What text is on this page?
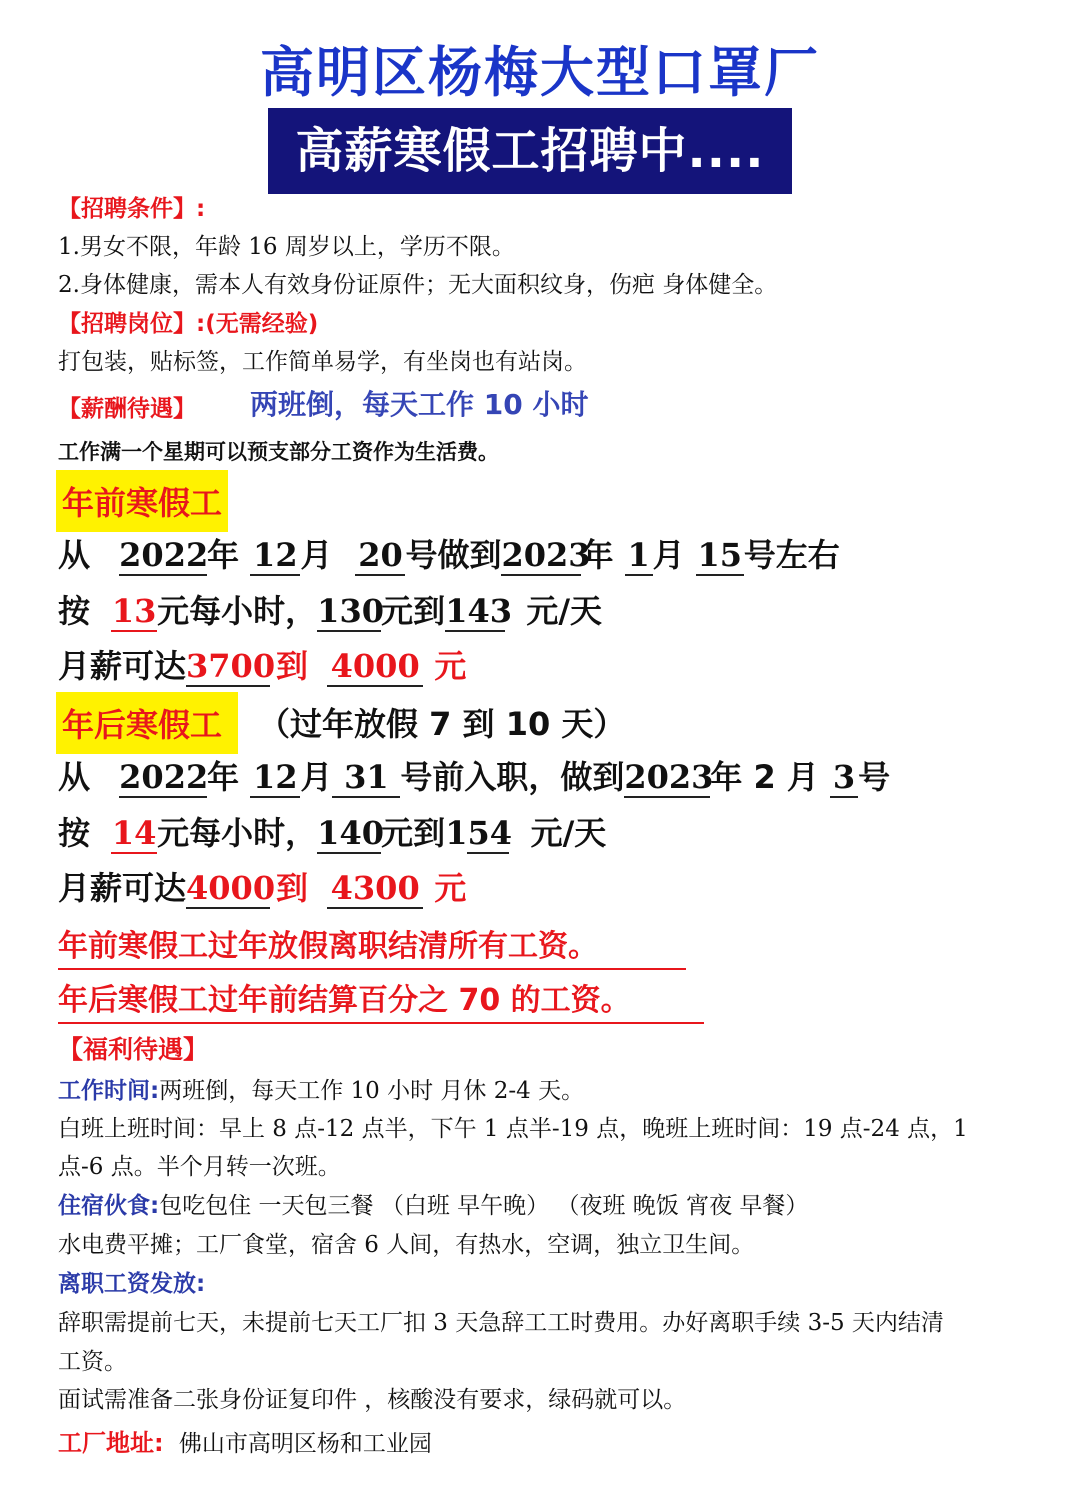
高明区杨梅大型口罩厂
高薪寒假工招聘中....
【招聘条件】:
1.男女不限，年龄 16 周岁以上，学历不限。
2.身体健康，需本人有效身份证原件；无大面积纹身，伤疤 身体健全。
【招聘岗位】:(无需经验)
打包装，贴标签，工作简单易学，有坐岗也有站岗。
【薪酬待遇】 两班倒，每天工作 10 小时
工作满一个星期可以预支部分工资作为生活费。
年前寒假工
从 2022年 12月 20号做到2023年 1月 15号左右
按 13元每小时，130元到143 元/天
月薪可达3700到 4000 元
年后寒假工	（过年放假 7 到 10 天）
从 2022年 12月 31 号前入职，做到2023年 2 月 3号
按 14元每小时，140元到154 元/天
月薪可达4000到 4300 元
年前寒假工过年放假离职结清所有工资。
年后寒假工过年前结算百分之 70 的工资。
【福利待遇】
工作时间:两班倒，每天工作 10 小时 月休 2-4 天。
白班上班时间：早上 8 点-12 点半，下午 1 点半-19 点，晚班上班时间：19 点-24 点，1
点-6 点。半个月转一次班。
住宿伙食:包吃包住 一天包三餐 （白班 早午晚） （夜班 晚饭 宵夜 早餐）
水电费平摊；工厂食堂，宿舍 6 人间，有热水，空调，独立卫生间。
离职工资发放:
辞职需提前七天，未提前七天工厂扣 3 天急辞工工时费用。办好离职手续 3-5 天内结清
工资。
面试需准备二张身份证复印件 ，核酸没有要求，绿码就可以。
工厂地址: 佛山市高明区杨和工业园
